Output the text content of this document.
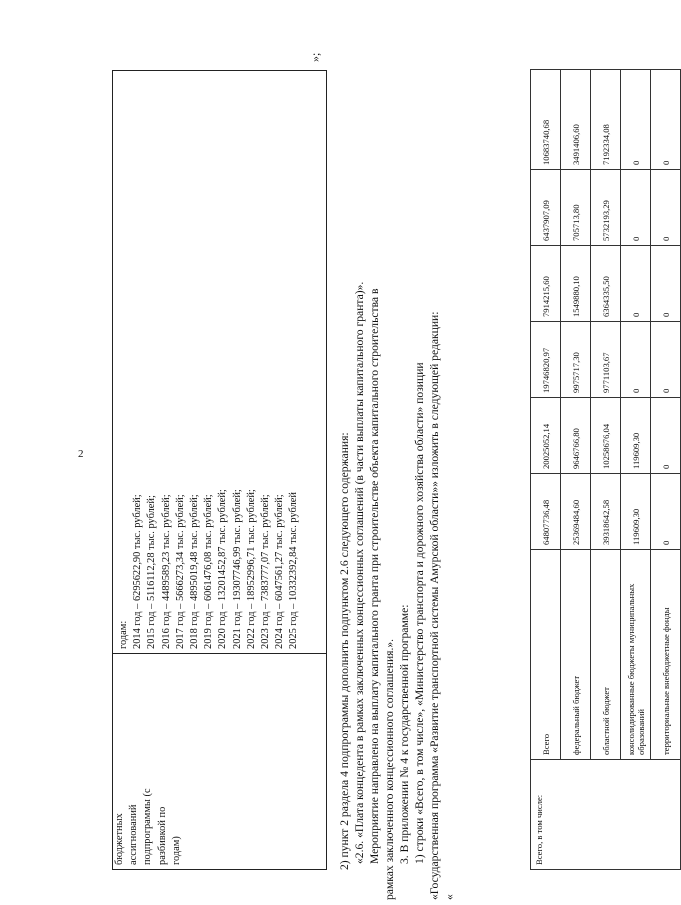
2
бюджетных ассигнований подпрограммы (с разбивкой по годам)
годам: 2014 год – 6295622,90 тыс. рублей; 2015 год – 5116112,28 тыс. рублей; 2016 год – 4489589,23 тыс. рублей; 2017 год – 5666273,34 тыс. рублей; 2018 год – 4895019,48 тыс. рублей; 2019 год – 6061476,08 тыс. рублей; 2020 год – 13201452,87 тыс. рублей; 2021 год – 19307746,99 тыс. рублей; 2022 год – 18952996,71 тыс. рублей; 2023 год – 7383777,07 тыс. рублей; 2024 год – 6047561,27 тыс. рублей; 2025 год – 10332392,84 тыс. рублей
»;
2) пункт 2 раздела 4 подпрограммы дополнить подпунктом 2.6 следующего содержания: «2.6. «Плата концедента в рамках заключенных концессионных соглашений (в части выплаты капитального гранта)». Мероприятие направлено на выплату капитального гранта при строительстве объекта капитального строительства в рамках заключенного концессионного соглашения.». 3. В приложении № 4 к государственной программе: 1) строки «Всего, в том числе», «Министерство транспорта и дорожного хозяйства области» позиции «Государственная программа «Развитие транспортной системы Амурской области»» изложить в следующей редакции: «
Всего, в том числе:	Всего	64807736,48	20025052,14	19746820,97	7914215,60	6437907,09	10683740,68
	федеральный бюджет	25369484,60	9646766,80	9975717,30	1549880,10	705713,80	3491406,60
	областной бюджет	39318642,58	10258676,04	9771103,67	6364335,50	5732193,29	7192334,08
	консолидированные бюджеты муниципальных образований	119609,30	119609,30	0	0	0	0
	территориальные внебюджетные фонды	0	0	0	0	0	0
